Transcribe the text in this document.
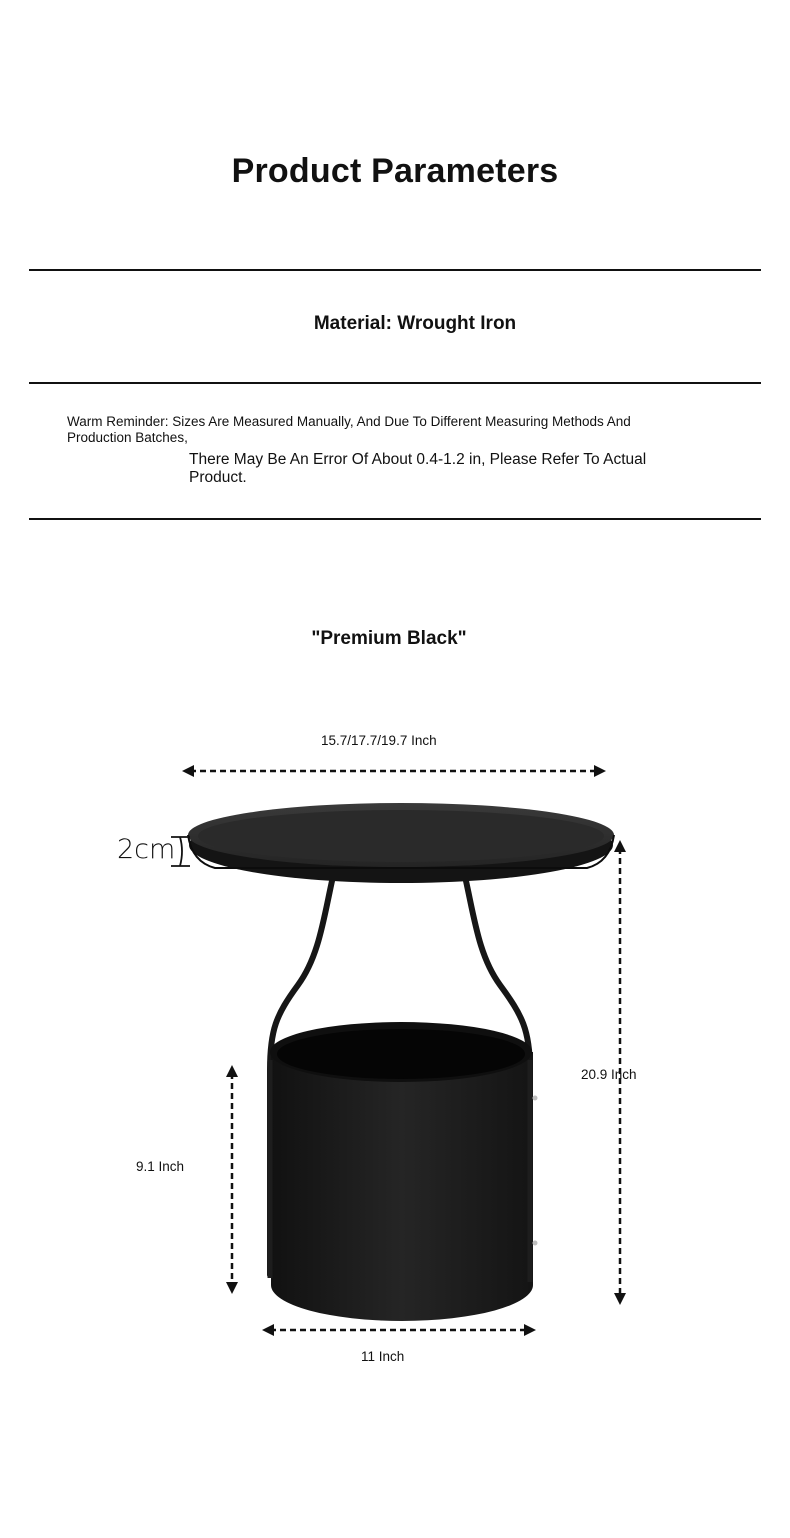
Product Parameters
Material: Wrought Iron
Warm Reminder: Sizes Are Measured Manually, And Due To Different Measuring Methods And Production Batches,
There May Be An Error Of About 0.4-1.2 in, Please Refer To Actual Product.
"Premium Black"
15.7/17.7/19.7 Inch
2cm
20.9 Inch
9.1 Inch
11 Inch
